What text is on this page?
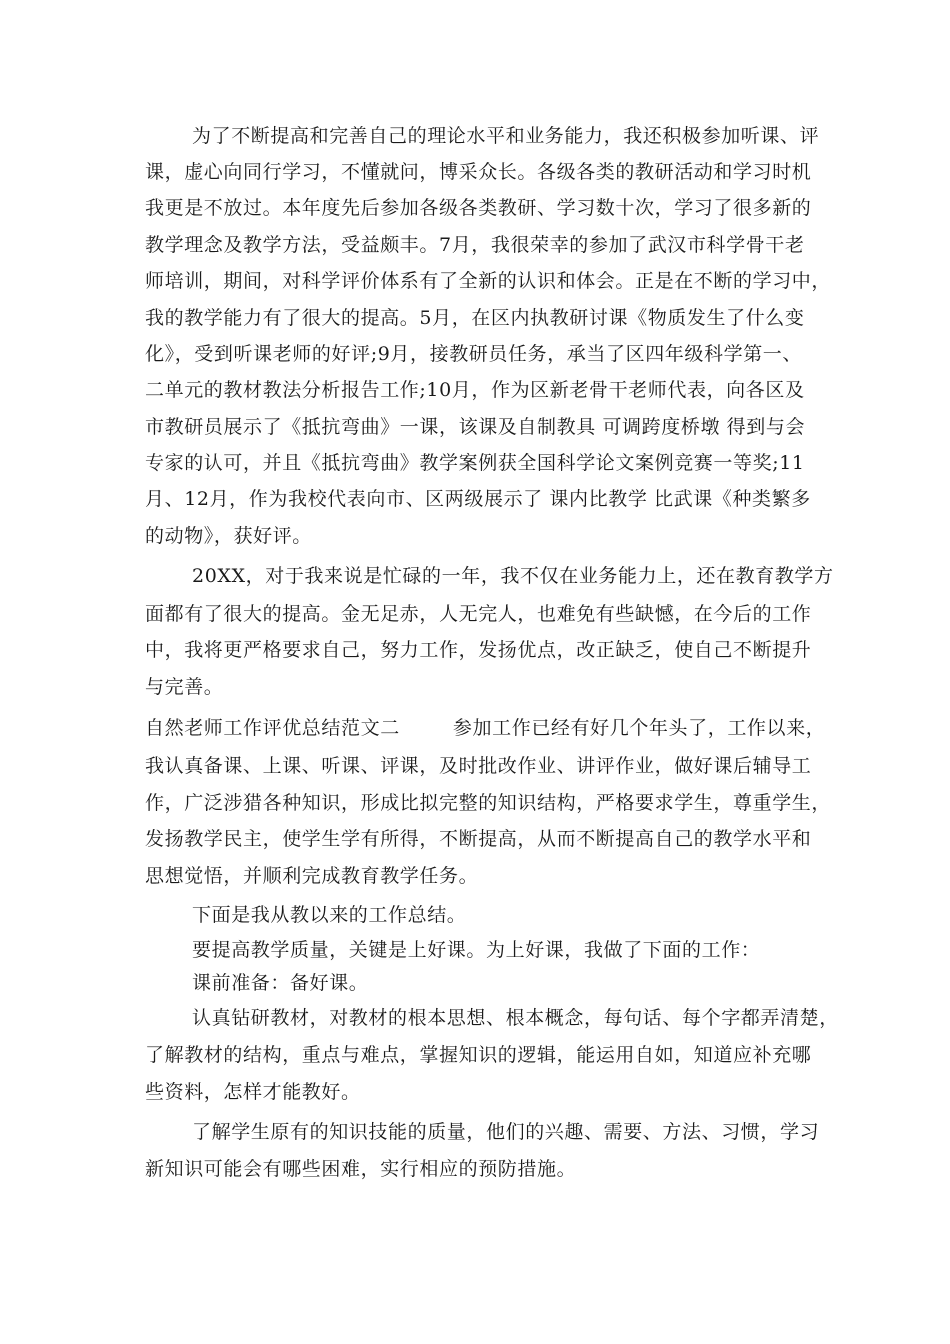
为了不断提高和完善自己的理论水平和业务能力，我还积极参加听课、评

课，虚心向同行学习，不懂就问，博采众长。各级各类的教研活动和学习时机

我更是不放过。本年度先后参加各级各类教研、学习数十次，学习了很多新的

教学理念及教学方法，受益颇丰。7月，我很荣幸的参加了武汉市科学骨干老

师培训，期间，对科学评价体系有了全新的认识和体会。正是在不断的学习中，

我的教学能力有了很大的提高。5月，在区内执教研讨课《物质发生了什么变

化》，受到听课老师的好评;9月，接教研员任务，承当了区四年级科学第一、

二单元的教材教法分析报告工作;10月，作为区新老骨干老师代表，向各区及

市教研员展示了《抵抗弯曲》一课，该课及自制教具 可调跨度桥墩 得到与会

专家的认可，并且《抵抗弯曲》教学案例获全国科学论文案例竞赛一等奖;11

月、12月，作为我校代表向市、区两级展示了 课内比教学 比武课《种类繁多

的动物》，获好评。

20XX，对于我来说是忙碌的一年，我不仅在业务能力上，还在教育教学方

面都有了很大的提高。金无足赤，人无完人，也难免有些缺憾，在今后的工作

中，我将更严格要求自己，努力工作，发扬优点，改正缺乏，使自己不断提升

与完善。

自然老师工作评优总结范文二        参加工作已经有好几个年头了，工作以来，

我认真备课、上课、听课、评课，及时批改作业、讲评作业，做好课后辅导工

作，广泛涉猎各种知识，形成比拟完整的知识结构，严格要求学生，尊重学生，

发扬教学民主，使学生学有所得，不断提高，从而不断提高自己的教学水平和

思想觉悟，并顺利完成教育教学任务。

下面是我从教以来的工作总结。

要提高教学质量，关键是上好课。为上好课，我做了下面的工作：

课前准备：备好课。

认真钻研教材，对教材的根本思想、根本概念，每句话、每个字都弄清楚，

了解教材的结构，重点与难点，掌握知识的逻辑，能运用自如，知道应补充哪

些资料，怎样才能教好。

了解学生原有的知识技能的质量，他们的兴趣、需要、方法、习惯，学习

新知识可能会有哪些困难，实行相应的预防措施。
